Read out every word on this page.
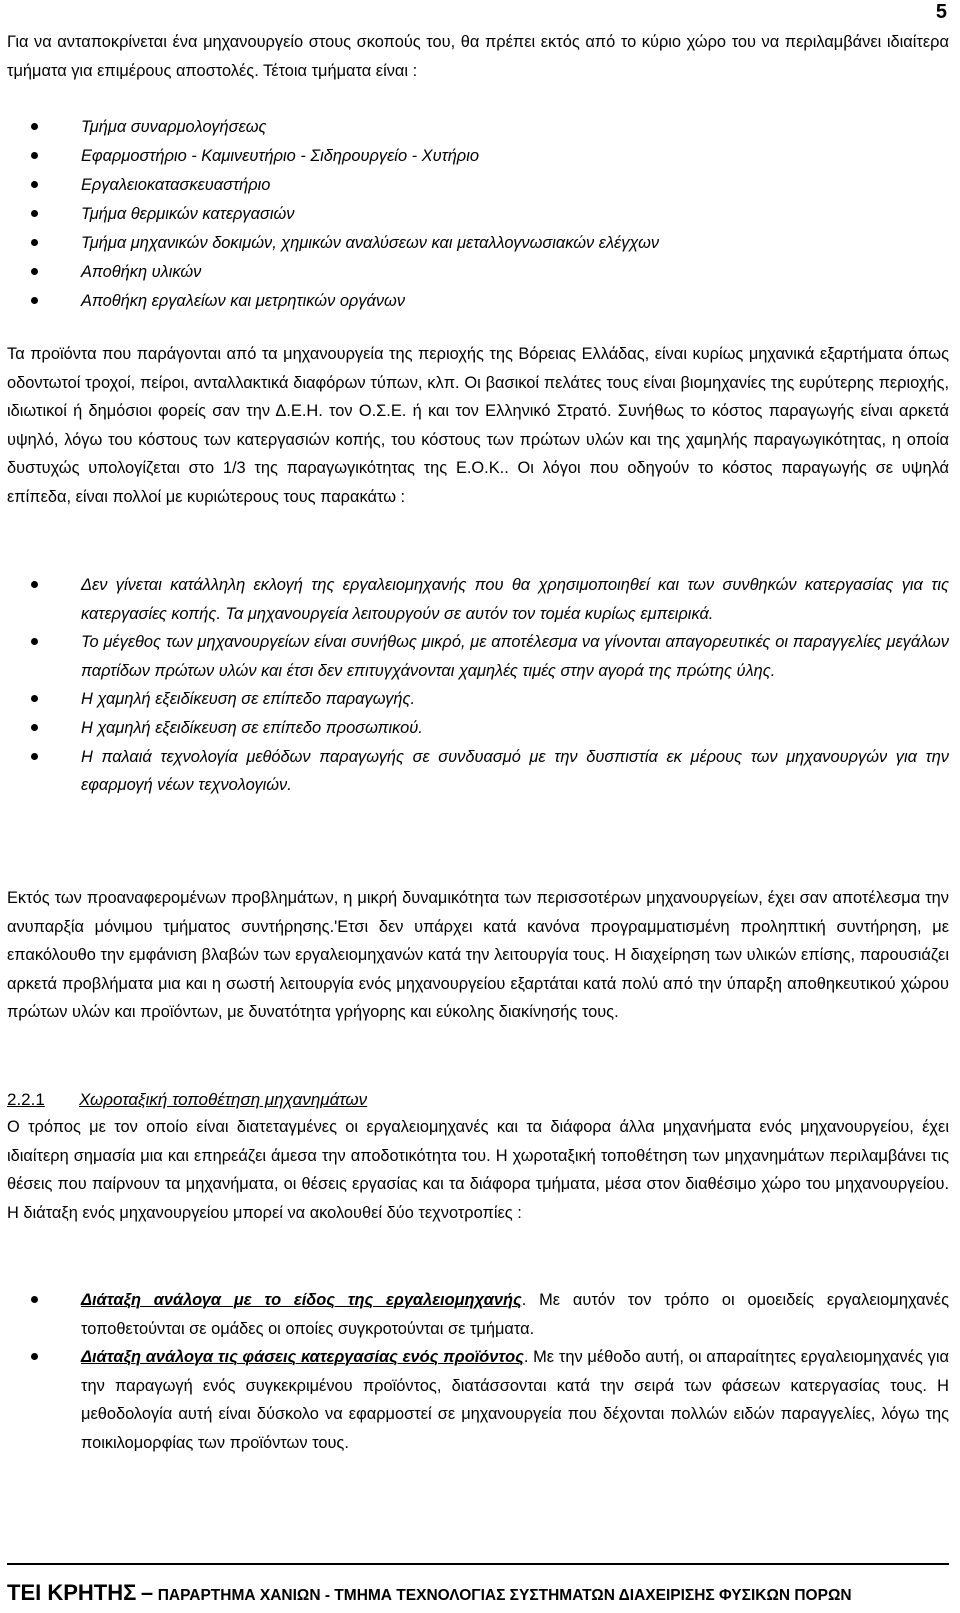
5

Για να ανταποκρίνεται ένα μηχανουργείο στους σκοπούς του, θα πρέπει εκτός από το κύριο χώρο του να περιλαμβάνει ιδιαίτερα τμήματα για επιμέρους αποστολές. Τέτοια τμήματα είναι :

Τμήμα συναρμολογήσεως
Εφαρμοστήριο - Καμινευτήριο - Σιδηρουργείο - Χυτήριο
Εργαλειοκατασκευαστήριο
Τμήμα θερμικών κατεργασιών
Τμήμα μηχανικών δοκιμών, χημικών αναλύσεων και μεταλλογνωσιακών ελέγχων
Αποθήκη υλικών
Αποθήκη εργαλείων και μετρητικών οργάνων

Τα προϊόντα που παράγονται από τα μηχανουργεία της περιοχής της Βόρειας Ελλάδας, είναι κυρίως μηχανικά εξαρτήματα όπως οδοντωτοί τροχοί, πείροι, ανταλλακτικά διαφόρων τύπων, κλπ. Οι βασικοί πελάτες τους είναι βιομηχανίες της ευρύτερης περιοχής, ιδιωτικοί ή δημόσιοι φορείς σαν την Δ.Ε.Η. τον Ο.Σ.Ε. ή και τον Ελληνικό Στρατό. Συνήθως το κόστος παραγωγής είναι αρκετά υψηλό, λόγω του κόστους των κατεργασιών κοπής, του κόστους των πρώτων υλών και της χαμηλής παραγωγικότητας, η οποία δυστυχώς υπολογίζεται στο 1/3 της παραγωγικότητας της Ε.Ο.Κ.. Οι λόγοι που οδηγούν το κόστος παραγωγής σε υψηλά επίπεδα, είναι πολλοί με κυριώτερους τους παρακάτω :

Δεν γίνεται κατάλληλη εκλογή της εργαλειομηχανής που θα χρησιμοποιηθεί και των συνθηκών κατεργασίας για τις κατεργασίες κοπής. Τα μηχανουργεία λειτουργούν σε αυτόν τον τομέα κυρίως εμπειρικά.
Το μέγεθος των μηχανουργείων είναι συνήθως μικρό, με αποτέλεσμα να γίνονται απαγορευτικές οι παραγγελίες μεγάλων παρτίδων πρώτων υλών και έτσι δεν επιτυγχάνονται χαμηλές τιμές στην αγορά της πρώτης ύλης.
Η χαμηλή εξειδίκευση σε επίπεδο παραγωγής.
Η χαμηλή εξειδίκευση σε επίπεδο προσωπικού.
Η παλαιά τεχνολογία μεθόδων παραγωγής σε συνδυασμό με την δυσπιστία εκ μέρους των μηχανουργών για την εφαρμογή νέων τεχνολογιών.

Εκτός των προαναφερομένων προβλημάτων, η μικρή δυναμικότητα των περισσοτέρων μηχανουργείων, έχει σαν αποτέλεσμα την ανυπαρξία μόνιμου τμήματος συντήρησης.'Ετσι δεν υπάρχει κατά κανόνα προγραμματισμένη προληπτική συντήρηση, με επακόλουθο την εμφάνιση βλαβών των εργαλειομηχανών κατά την λειτουργία τους. Η διαχείρηση των υλικών επίσης, παρουσιάζει αρκετά προβλήματα μια και η σωστή λειτουργία ενός μηχανουργείου εξαρτάται κατά πολύ από την ύπαρξη αποθηκευτικού χώρου πρώτων υλών και προϊόντων, με δυνατότητα γρήγορης και εύκολης διακίνησής τους.

2.2.1 Χωροταξική τοποθέτηση μηχανημάτων

Ο τρόπος με τον οποίο είναι διατεταγμένες οι εργαλειομηχανές και τα διάφορα άλλα μηχανήματα ενός μηχανουργείου, έχει ιδιαίτερη σημασία μια και επηρεάζει άμεσα την αποδοτικότητα του. Η χωροταξική τοποθέτηση των μηχανημάτων περιλαμβάνει τις θέσεις που παίρνουν τα μηχανήματα, οι θέσεις εργασίας και τα διάφορα τμήματα, μέσα στον διαθέσιμο χώρο του μηχανουργείου. Η διάταξη ενός μηχανουργείου μπορεί να ακολουθεί δύο τεχνοτροπίες :

Διάταξη ανάλογα με το είδος της εργαλειομηχανής. Με αυτόν τον τρόπο οι ομοειδείς εργαλειομηχανές τοποθετούνται σε ομάδες οι οποίες συγκροτούνται σε τμήματα.
Διάταξη ανάλογα τις φάσεις κατεργασίας ενός προϊόντος. Με την μέθοδο αυτή, οι απαραίτητες εργαλειομηχανές για την παραγωγή ενός συγκεκριμένου προϊόντος, διατάσσονται κατά την σειρά των φάσεων κατεργασίας τους. Η μεθοδολογία αυτή είναι δύσκολο να εφαρμοστεί σε μηχανουργεία που δέχονται πολλών ειδών παραγγελίες, λόγω της ποικιλομορφίας των προϊόντων τους.
ΤΕΙ ΚΡΗΤΗΣ – ΠΑΡΑΡΤΗΜΑ ΧΑΝΙΩΝ - ΤΜΗΜΑ ΤΕΧΝΟΛΟΓΙΑΣ ΣΥΣΤΗΜΑΤΩΝ ΔΙΑΧΕΙΡΙΣΗΣ ΦΥΣΙΚΩΝ ΠΟΡΩΝ
